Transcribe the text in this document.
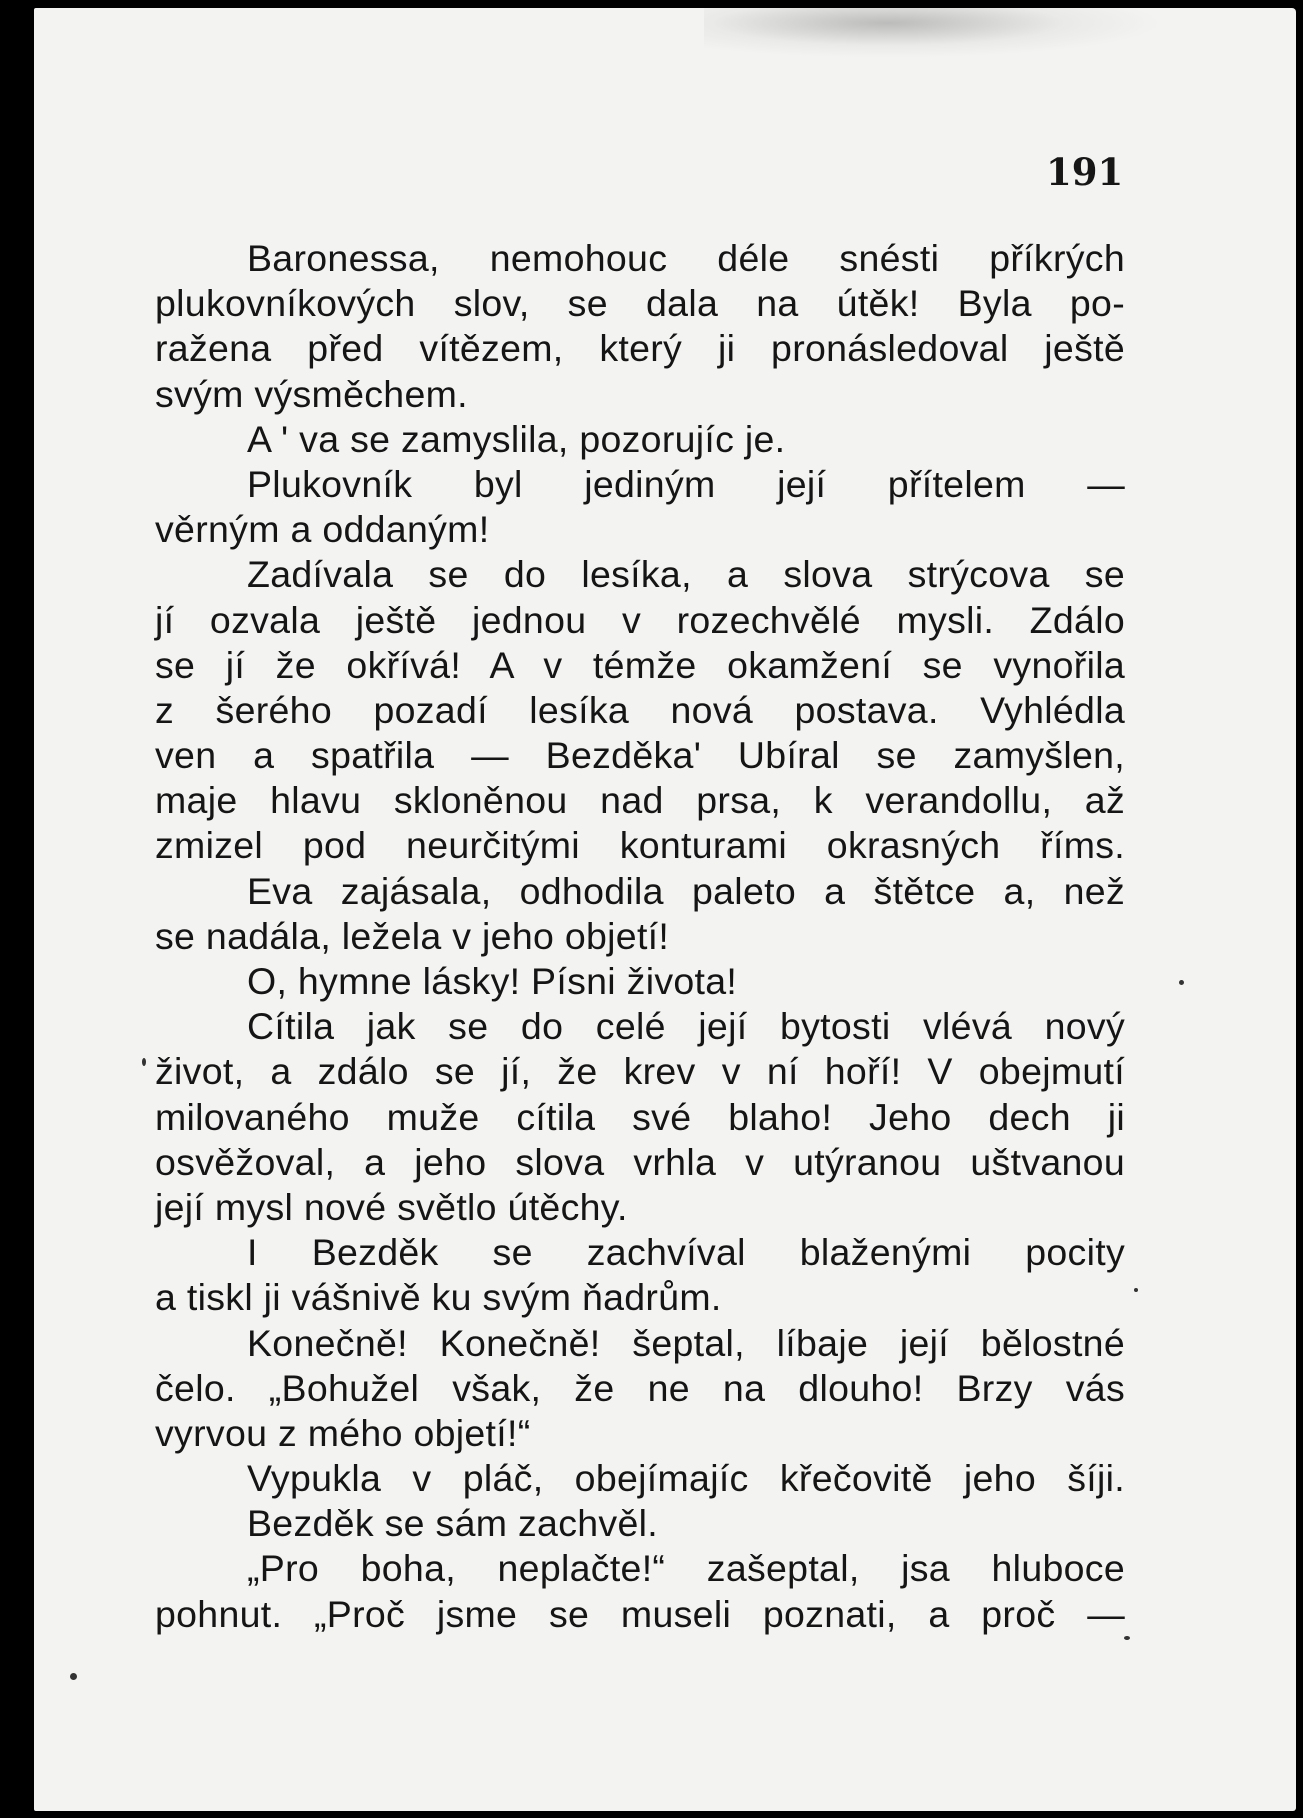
191
Baronessa, nemohouc déle snésti příkrých
plukovníkových slov, se dala na útěk! Byla po-
ražena před vítězem, který ji pronásledoval ještě
svým výsměchem.
A ' va se zamyslila, pozorujíc je.
Plukovník byl jediným její přítelem —
věrným a oddaným!
Zadívala se do lesíka, a slova strýcova se
jí ozvala ještě jednou v rozechvělé mysli. Zdálo
se jí že okřívá! A v témže okamžení se vynořila
z šerého pozadí lesíka nová postava. Vyhlédla
ven a spatřila — Bezděka' Ubíral se zamyšlen,
maje hlavu skloněnou nad prsa, k verandollu, až
zmizel pod neurčitými konturami okrasných říms.
Eva zajásala, odhodila paleto a štětce a, než
se nadála, ležela v jeho objetí!
O, hymne lásky! Písni života!
Cítila jak se do celé její bytosti vlévá nový
život, a zdálo se jí, že krev v ní hoří! V obejmutí
milovaného muže cítila své blaho! Jeho dech ji
osvěžoval, a jeho slova vrhla v utýranou uštvanou
její mysl nové světlo útěchy.
I Bezděk se zachvíval blaženými pocity
a tiskl ji vášnivě ku svým ňadrům.
Konečně! Konečně! šeptal, líbaje její bělostné
čelo. „Bohužel však, že ne na dlouho! Brzy vás
vyrvou z mého objetí!“
Vypukla v pláč, obejímajíc křečovitě jeho šíji.
Bezděk se sám zachvěl.
„Pro boha, neplačte!“ zašeptal, jsa hluboce
pohnut. „Proč jsme se museli poznati, a proč —
